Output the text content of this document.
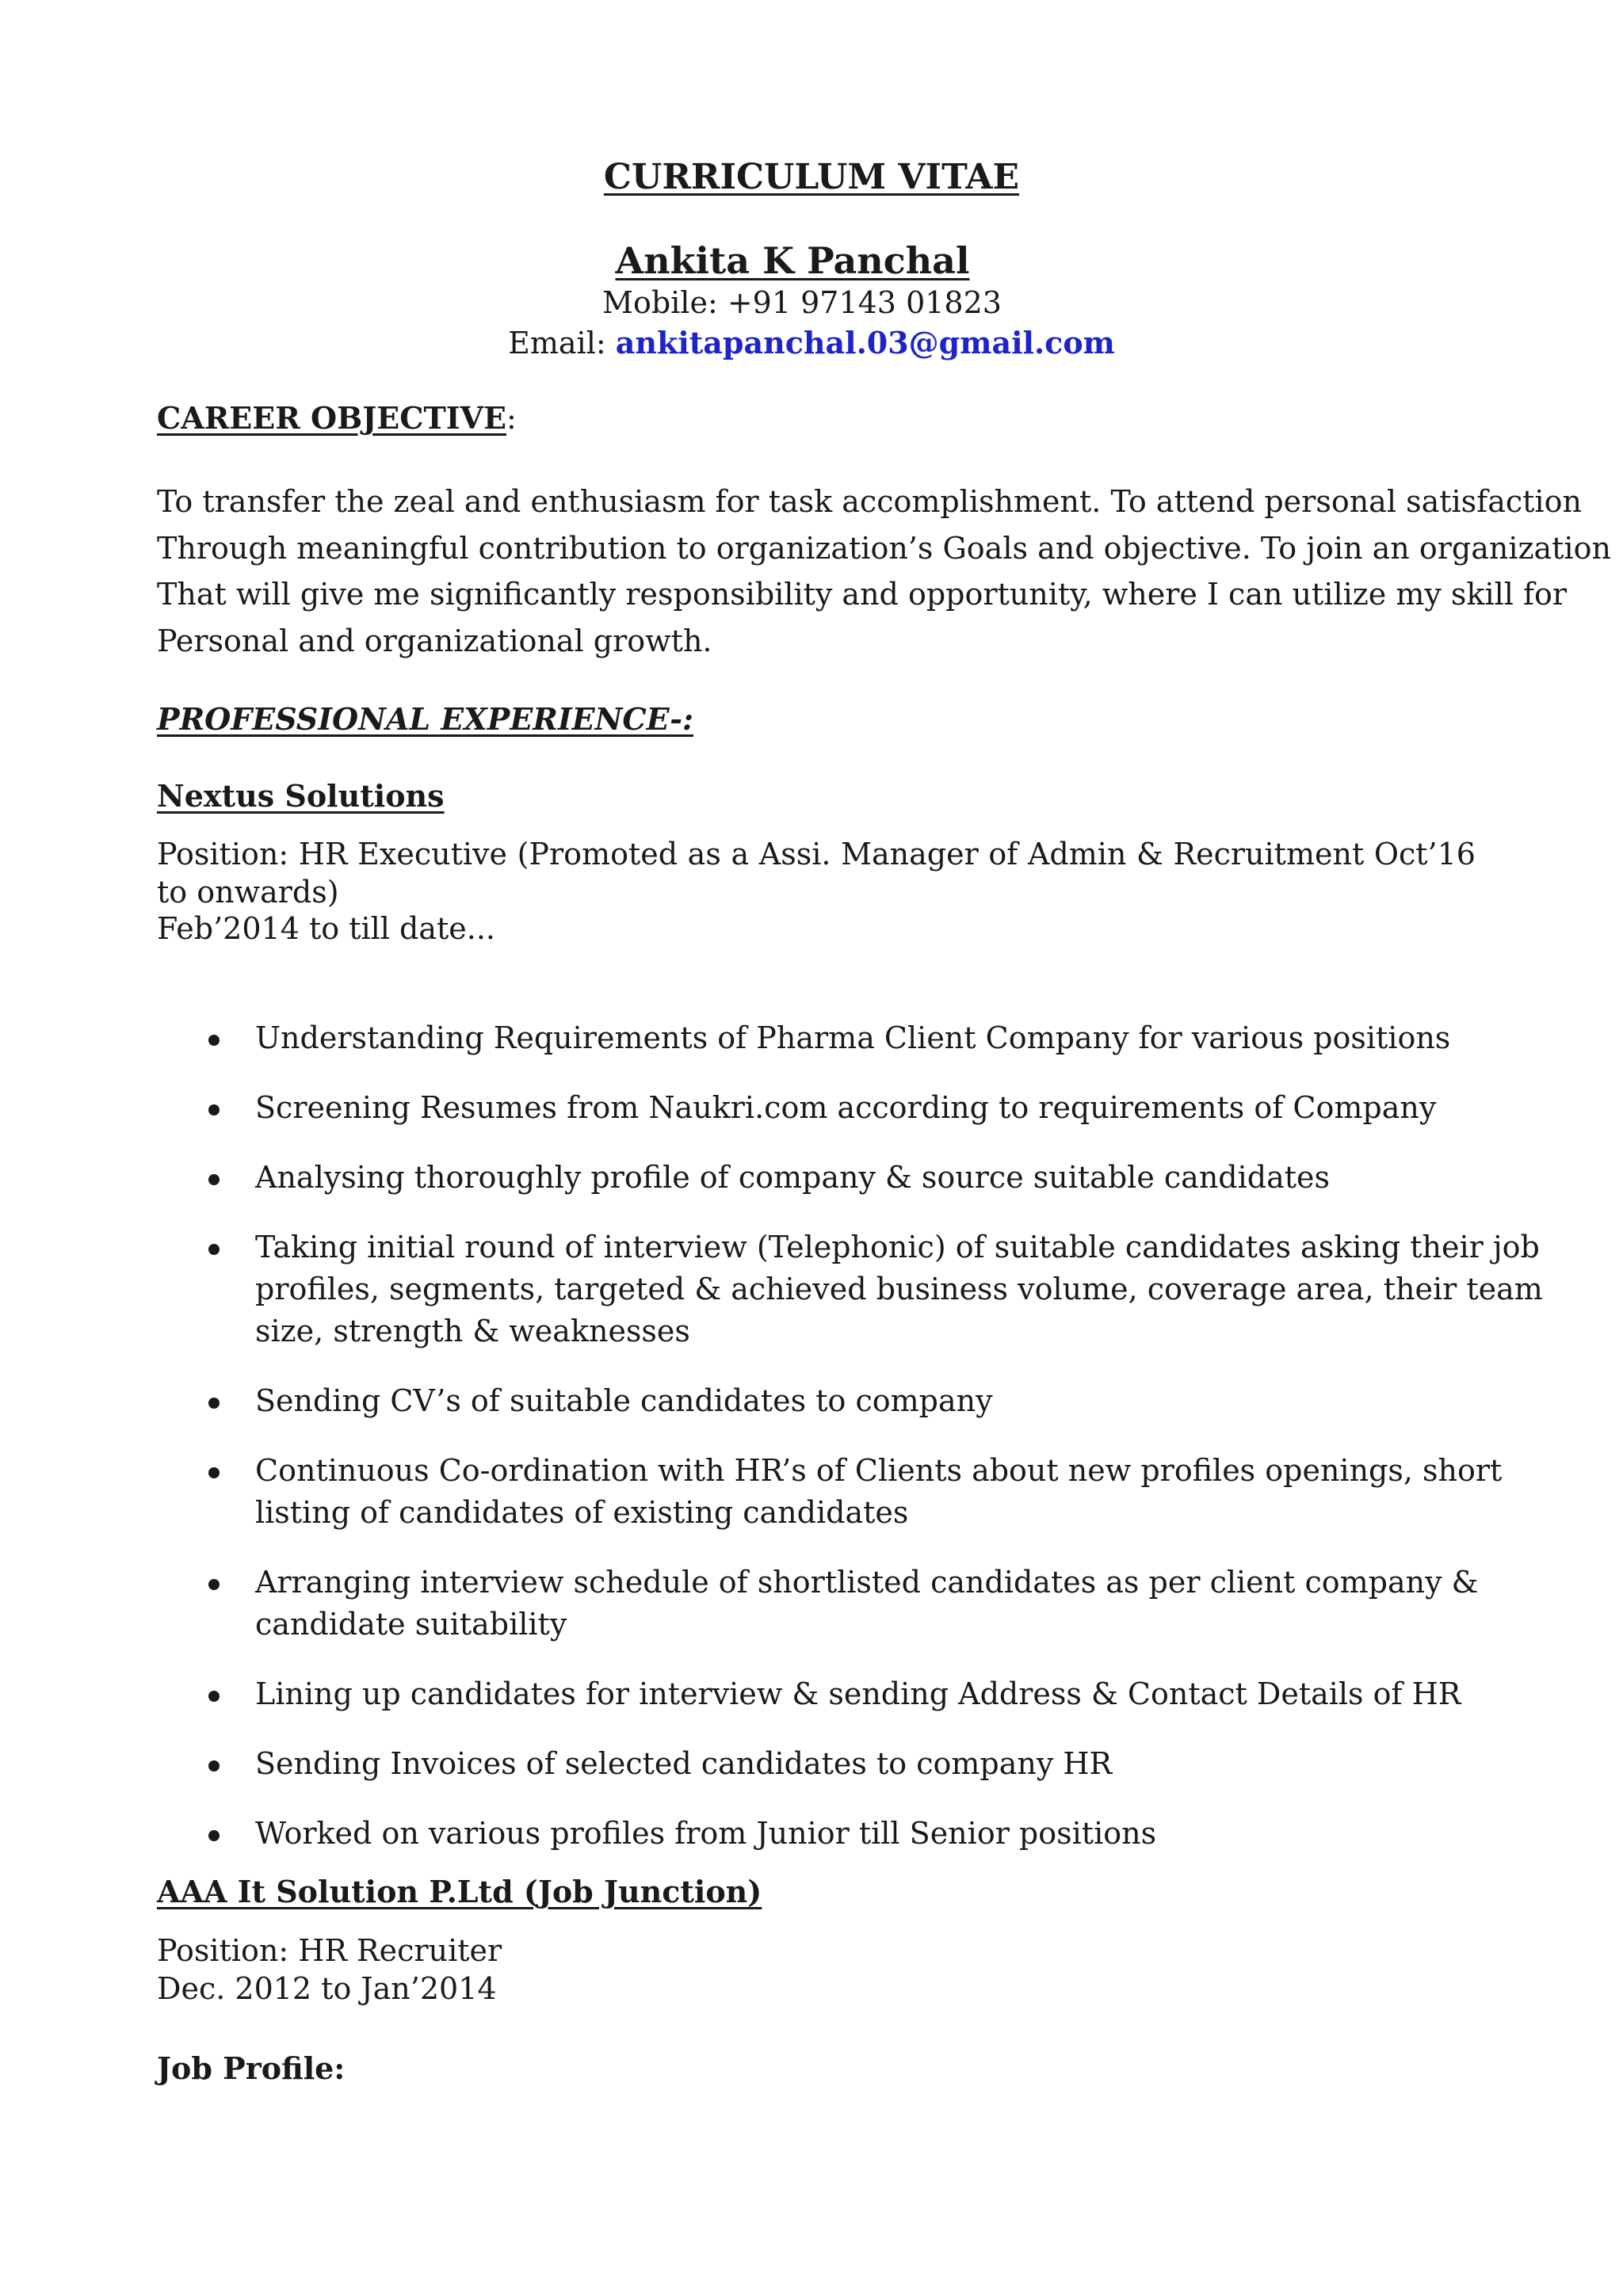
CURRICULUM VITAE
Ankita K Panchal
Mobile: +91 97143 01823
Email: ankitapanchal.03@gmail.com
CAREER OBJECTIVE:
To transfer the zeal and enthusiasm for task accomplishment. To attend personal satisfaction
Through meaningful contribution to organization’s Goals and objective. To join an organization
That will give me significantly responsibility and opportunity, where I can utilize my skill for
Personal and organizational growth.
PROFESSIONAL EXPERIENCE-:
Nextus Solutions
Position: HR Executive (Promoted as a Assi. Manager of Admin & Recruitment Oct’16 to onwards)
Feb’2014 to till date...
Understanding Requirements of Pharma Client Company for various positions
Screening Resumes from Naukri.com according to requirements of Company
Analysing thoroughly profile of company & source suitable candidates
Taking initial round of interview (Telephonic) of suitable candidates asking their job profiles, segments, targeted & achieved business volume, coverage area, their team size, strength & weaknesses
Sending CV’s of suitable candidates to company
Continuous Co-ordination with HR’s of Clients about new profiles openings, short listing of candidates of existing candidates
Arranging interview schedule of shortlisted candidates as per client company & candidate suitability
Lining up candidates for interview & sending Address & Contact Details of HR
Sending Invoices of selected candidates to company HR
Worked on various profiles from Junior till Senior positions
AAA It Solution P.Ltd (Job Junction)
Position: HR Recruiter
Dec. 2012 to Jan’2014
Job Profile:
